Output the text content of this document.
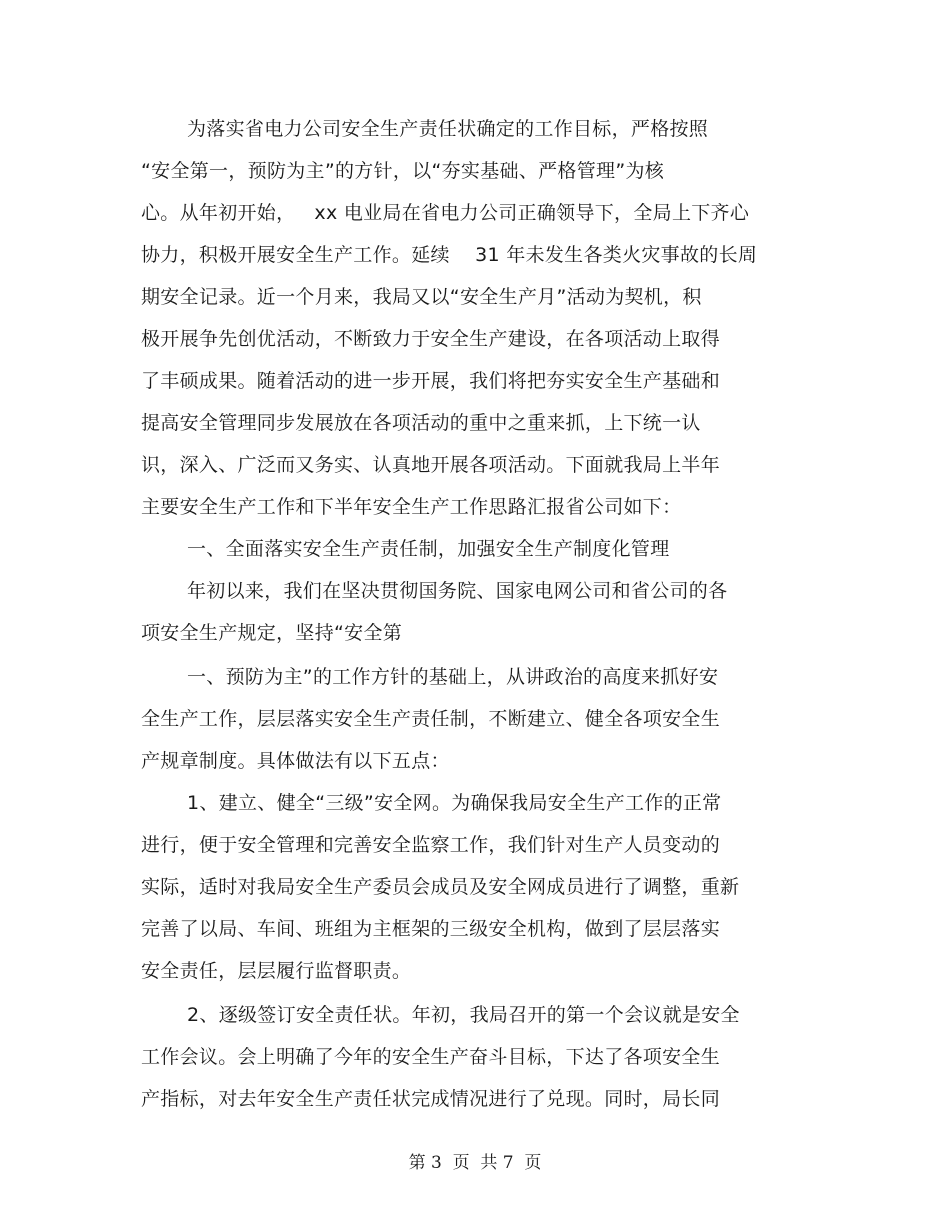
为落实省电力公司安全生产责任状确定的工作目标，严格按照

“安全第一，预防为主”的方针，以“夯实基础、严格管理”为核

心。从年初开始，   xx 电业局在省电力公司正确领导下，全局上下齐心

协力，积极开展安全生产工作。延续    31 年未发生各类火灾事故的长周

期安全记录。近一个月来，我局又以“安全生产月”活动为契机，积

极开展争先创优活动，不断致力于安全生产建设，在各项活动上取得

了丰硕成果。随着活动的进一步开展，我们将把夯实安全生产基础和

提高安全管理同步发展放在各项活动的重中之重来抓，上下统一认

识，深入、广泛而又务实、认真地开展各项活动。下面就我局上半年

主要安全生产工作和下半年安全生产工作思路汇报省公司如下：

一、全面落实安全生产责任制，加强安全生产制度化管理

年初以来，我们在坚决贯彻国务院、国家电网公司和省公司的各

项安全生产规定，坚持“安全第

一、预防为主”的工作方针的基础上，从讲政治的高度来抓好安

全生产工作，层层落实安全生产责任制，不断建立、健全各项安全生

产规章制度。具体做法有以下五点：

1、建立、健全“三级”安全网。为确保我局安全生产工作的正常

进行，便于安全管理和完善安全监察工作，我们针对生产人员变动的

实际，适时对我局安全生产委员会成员及安全网成员进行了调整，重新

完善了以局、车间、班组为主框架的三级安全机构，做到了层层落实

安全责任，层层履行监督职责。

2、逐级签订安全责任状。年初，我局召开的第一个会议就是安全

工作会议。会上明确了今年的安全生产奋斗目标，下达了各项安全生

产指标，对去年安全生产责任状完成情况进行了兑现。同时，局长同

第 3  页  共 7  页
